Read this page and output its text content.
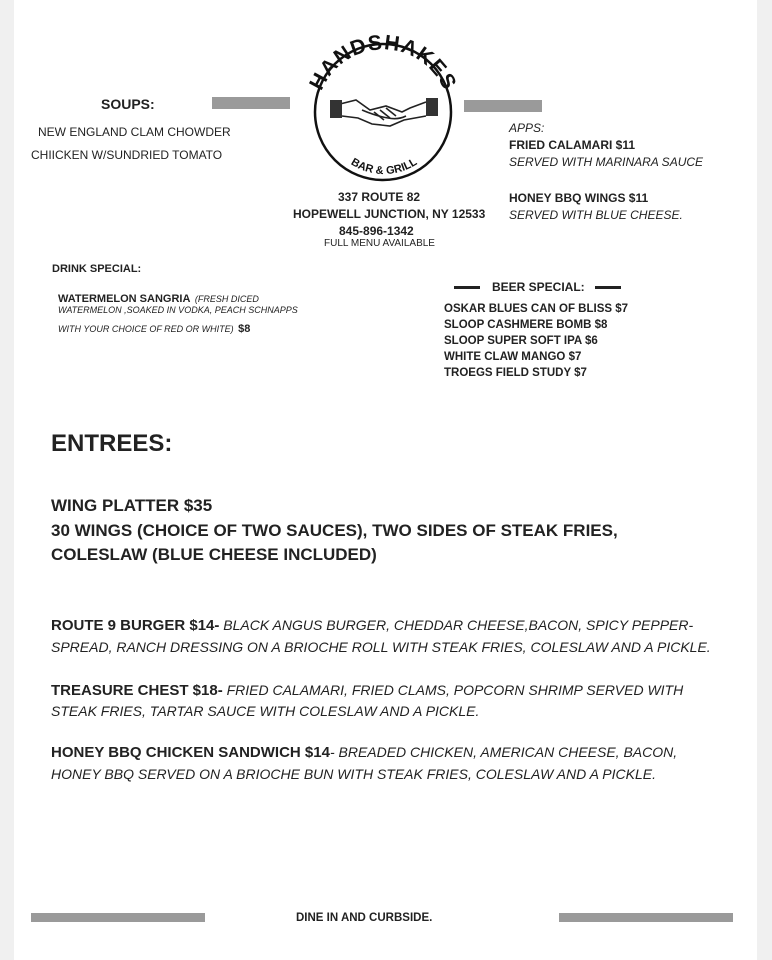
HANDSHAKES
BAR & GRILL
337 ROUTE 82
HOPEWELL JUNCTION, NY 12533
845-896-1342
FULL MENU AVAILABLE
SOUPS:
NEW ENGLAND CLAM CHOWDER
CHIICKEN W/SUNDRIED TOMATO
APPS:
FRIED CALAMARI $11
SERVED WITH MARINARA SAUCE
HONEY BBQ WINGS $11
SERVED WITH BLUE CHEESE.
DRINK SPECIAL:
WATERMELON SANGRIA (FRESH DICED
WATERMELON ,SOAKED IN VODKA, PEACH SCHNAPPS
WITH YOUR CHOICE OF RED OR WHITE) $8
BEER SPECIAL:
OSKAR BLUES CAN OF BLISS $7
SLOOP CASHMERE BOMB $8
SLOOP SUPER SOFT IPA $6
WHITE CLAW MANGO $7
TROEGS FIELD STUDY $7
ENTREES:
WING PLATTER $35
30 WINGS (CHOICE OF TWO SAUCES), TWO SIDES OF STEAK FRIES,
COLESLAW (BLUE CHEESE INCLUDED)
ROUTE 9 BURGER $14- BLACK ANGUS BURGER, CHEDDAR CHEESE,BACON, SPICY PEPPER-
SPREAD, RANCH DRESSING ON A BRIOCHE ROLL WITH STEAK FRIES, COLESLAW AND A PICKLE.
TREASURE CHEST $18- FRIED CALAMARI, FRIED CLAMS, POPCORN SHRIMP SERVED WITH
STEAK FRIES, TARTAR SAUCE WITH COLESLAW AND A PICKLE.
HONEY BBQ CHICKEN SANDWICH $14- BREADED CHICKEN, AMERICAN CHEESE, BACON,
HONEY BBQ SERVED ON A BRIOCHE BUN WITH STEAK FRIES, COLESLAW AND A PICKLE.
DINE IN AND CURBSIDE.
